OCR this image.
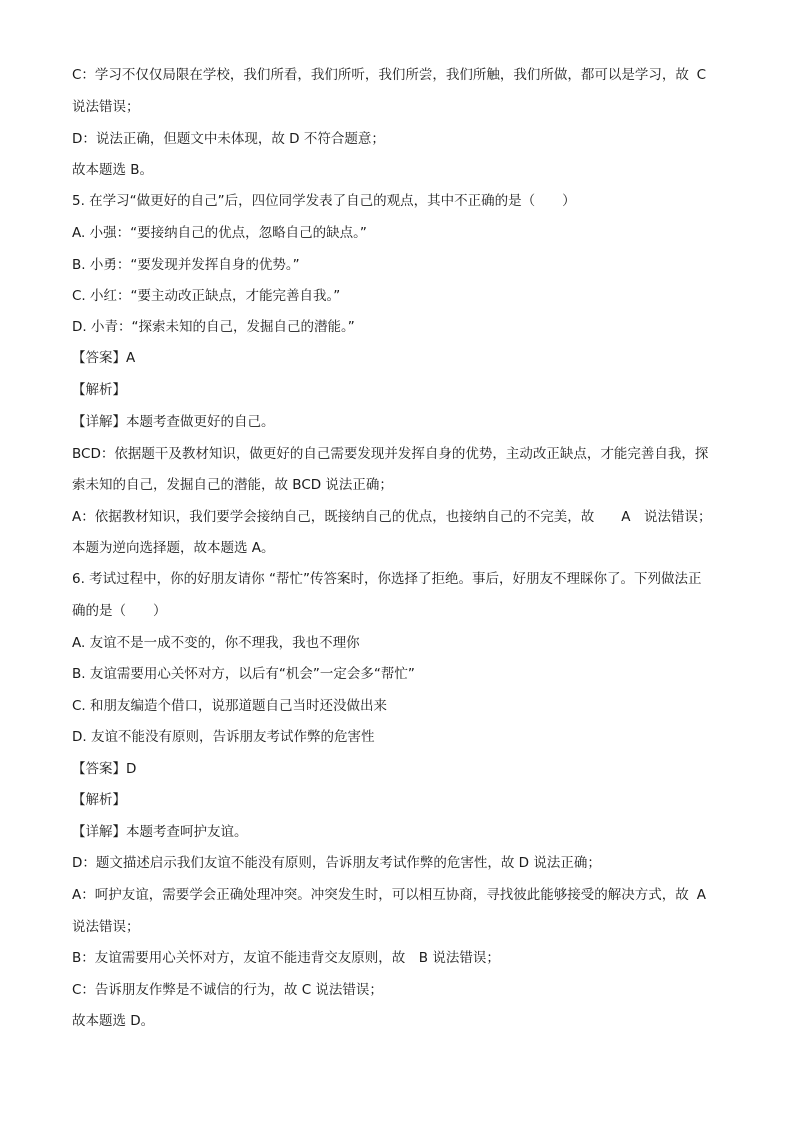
C：学习不仅仅局限在学校，我们所看，我们所听，我们所尝，我们所触，我们所做，都可以是学习，故 C
说法错误；
D：说法正确，但题文中未体现，故 D 不符合题意；
故本题选 B。
5. 在学习“做更好的自己”后，四位同学发表了自己的观点，其中不正确的是（　　）
A. 小强：“要接纳自己的优点，忽略自己的缺点。”
B. 小勇：“要发现并发挥自身的优势。”
C. 小红：“要主动改正缺点，才能完善自我。”
D. 小青：“探索未知的自己，发掘自己的潜能。”
【答案】A
【解析】
【详解】本题考查做更好的自己。
BCD：依据题干及教材知识，做更好的自己需要发现并发挥自身的优势，主动改正缺点，才能完善自我， 探
索未知的自己，发掘自己的潜能，故 BCD 说法正确；
A：依据教材知识，我们要学会接纳自己，既接纳自己的优点，也接纳自己的不完美，故　　A　说法错误；
本题为逆向选择题，故本题选 A。
6. 考试过程中，你的好朋友请你 “帮忙”传答案时，你选择了拒绝。事后，好朋友不理睬你了。下列做法正
确的是（　　）
A. 友谊不是一成不变的，你不理我，我也不理你
B. 友谊需要用心关怀对方，以后有“机会”一定会多“帮忙”
C. 和朋友编造个借口，说那道题自己当时还没做出来
D. 友谊不能没有原则，告诉朋友考试作弊的危害性
【答案】D
【解析】
【详解】本题考查呵护友谊。
D：题文描述启示我们友谊不能没有原则，告诉朋友考试作弊的危害性，故 D 说法正确；
A：呵护友谊，需要学会正确处理冲突。冲突发生时，可以相互协商，寻找彼此能够接受的解决方式，故 A
说法错误；
B：友谊需要用心关怀对方，友谊不能违背交友原则，故　B 说法错误；
C：告诉朋友作弊是不诚信的行为，故 C 说法错误；
故本题选 D。
